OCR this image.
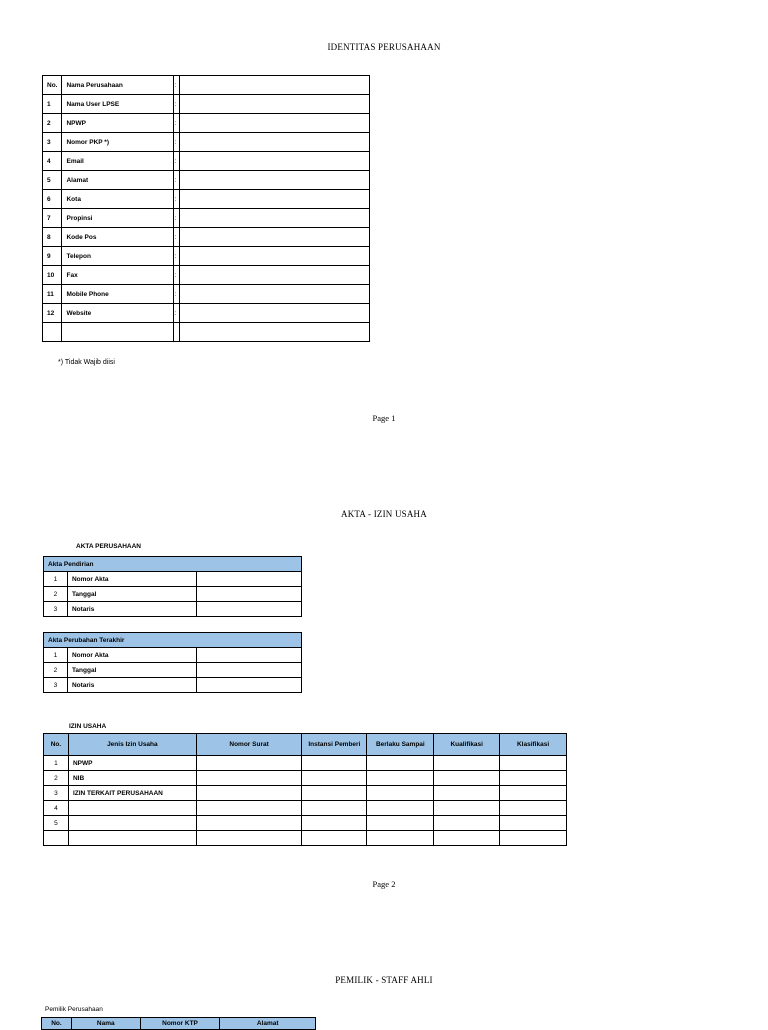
IDENTITAS PERUSAHAAN
No.	Nama Perusahaan	:	
1	Nama User LPSE	:	
2	NPWP	:	
3	Nomor PKP *)	:	
4	Email	:	
5	Alamat	:	
6	Kota	:	
7	Propinsi	:	
8	Kode Pos	:	
9	Telepon	:	
10	Fax	:	
11	Mobile Phone	:	
12	Website	:	

*) Tidak Wajib diisi
Page 1
AKTA - IZIN USAHA
AKTA PERUSAHAAN
Akta Pendirian		
1	Nomor Akta	
2	Tanggal	
3	Notaris	
Akta Perubahan Terakhir		
1	Nomor Akta	
2	Tanggal	
3	Notaris	
IZIN USAHA
No.	Jenis Izin Usaha	Nomor Surat	Instansi Pemberi	Berlaku Sampai	Kualifikasi	Klasifikasi
1	NPWP					
2	NIB					
3	IZIN TERKAIT PERUSAHAAN					
4						
5						

Page 2
PEMILIK - STAFF AHLI
Pemilik Perusahaan
No.	Nama	Nomor KTP	Alamat
